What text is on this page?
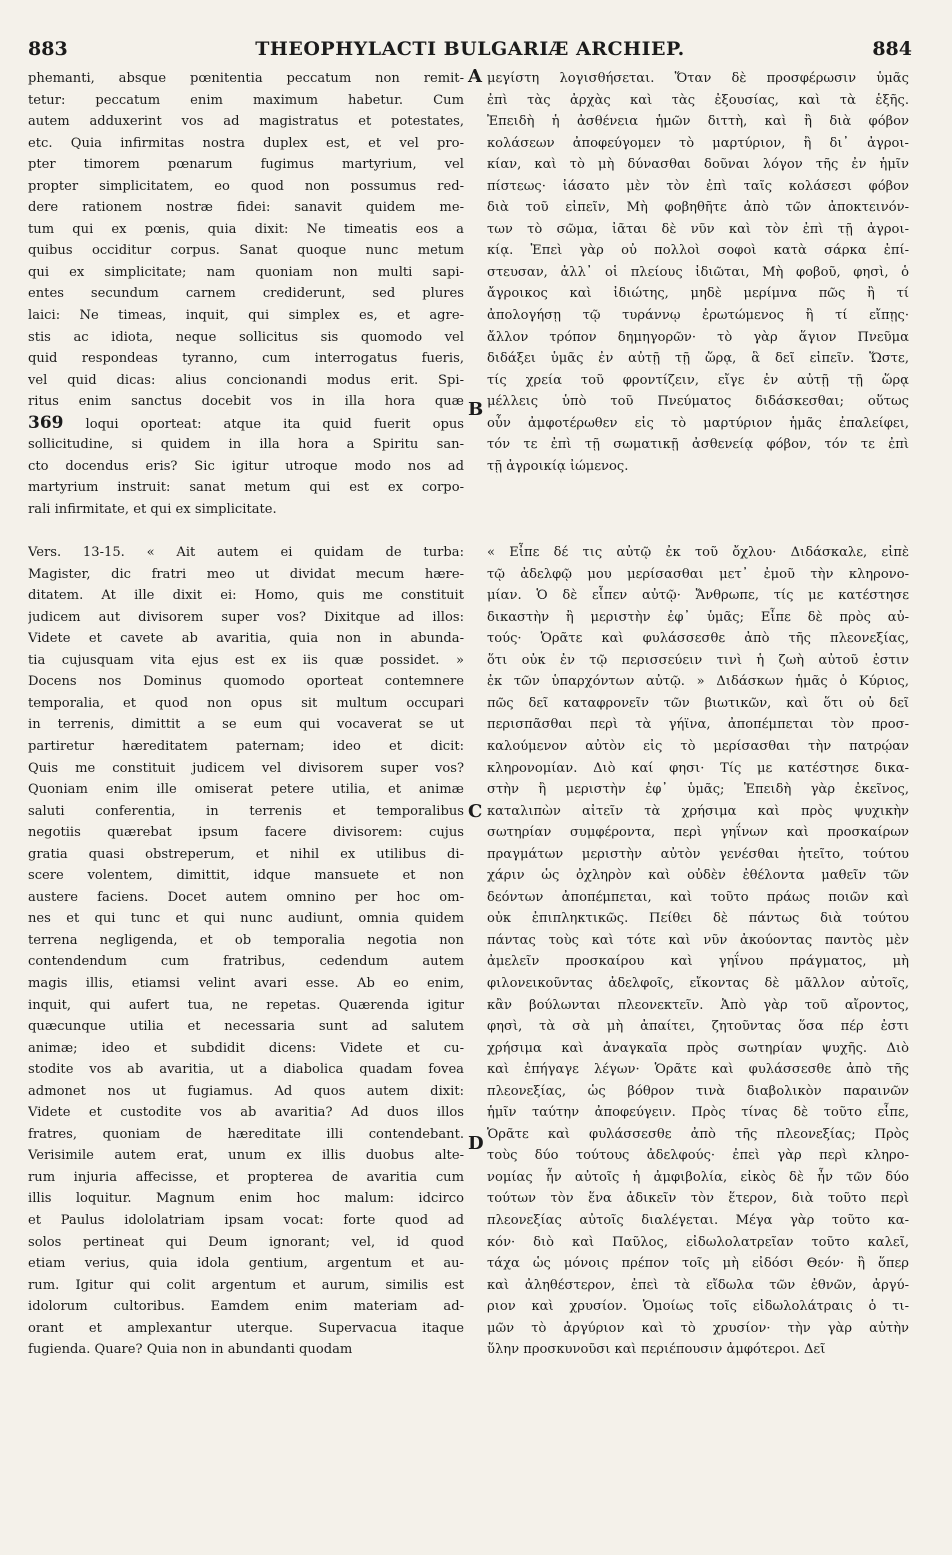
883	THEOPHYLACTI BULGARIÆ ARCHIEP.	884
phemanti, absque pœnitentia peccatum non remit-
tetur: peccatum enim maximum habetur. Cum
autem adduxerint vos ad magistratus et potestates,
etc. Quia infirmitas nostra duplex est, et vel pro-
pter timorem pœnarum fugimus martyrium, vel
propter simplicitatem, eo quod non possumus red-
dere rationem nostræ fidei: sanavit quidem me-
tum qui ex pœnis, quia dixit: Ne timeatis eos a
quibus occiditur corpus. Sanat quoque nunc metum
qui ex simplicitate; nam quoniam non multi sapi-
entes secundum carnem crediderunt, sed plures
laici: Ne timeas, inquit, qui simplex es, et agre-
stis ac idiota, neque sollicitus sis quomodo vel
quid respondeas tyranno, cum interrogatus fueris,
vel quid dicas: alius concionandi modus erit. Spi-
ritus enim sanctus docebit vos in illa hora quæ
369 loqui oporteat: atque ita quid fuerit opus
sollicitudine, si quidem in illa hora a Spiritu san-
cto docendus eris? Sic igitur utroque modo nos ad
martyrium instruit: sanat metum qui est ex corpo-
rali infirmitate, et qui ex simplicitate.
Vers. 13-15. « Ait autem ei quidam de turba:
Magister, dic fratri meo ut dividat mecum hære-
ditatem. At ille dixit ei: Homo, quis me constituit
judicem aut divisorem super vos? Dixitque ad illos:
Videte et cavete ab avaritia, quia non in abunda-
tia cujusquam vita ejus est ex iis quæ possidet. »
Docens nos Dominus quomodo oporteat contemnere
temporalia, et quod non opus sit multum occupari
in terrenis, dimittit a se eum qui vocaverat se ut
partiretur hæreditatem paternam; ideo et dicit:
Quis me constituit judicem vel divisorem super vos?
Quoniam enim ille omiserat petere utilia, et animæ
saluti conferentia, in terrenis et temporalibus
negotiis quærebat ipsum facere divisorem: cujus
gratia quasi obstreperum, et nihil ex utilibus di-
scere volentem, dimittit, idque mansuete et non
austere faciens. Docet autem omnino per hoc om-
nes et qui tunc et qui nunc audiunt, omnia quidem
terrena negligenda, et ob temporalia negotia non
contendendum cum fratribus, cedendum autem
magis illis, etiamsi velint avari esse. Ab eo enim,
inquit, qui aufert tua, ne repetas. Quærenda igitur
quæcunque utilia et necessaria sunt ad salutem
animæ; ideo et subdidit dicens: Videte et cu-
stodite vos ab avaritia, ut a diabolica quadam fovea
admonet nos ut fugiamus. Ad quos autem dixit:
Videte et custodite vos ab avaritia? Ad duos illos
fratres, quoniam de hæreditate illi contendebant.
Verisimile autem erat, unum ex illis duobus alte-
rum injuria affecisse, et propterea de avaritia cum
illis loquitur. Magnum enim hoc malum: idcirco
et Paulus idololatriam ipsam vocat: forte quod ad
solos pertineat qui Deum ignorant; vel, id quod
etiam verius, quia idola gentium, argentum et au-
rum. Igitur qui colit argentum et aurum, similis est
idolorum cultoribus. Eamdem enim materiam ad-
orant et amplexantur uterque. Supervacua itaque
fugienda. Quare? Quia non in abundanti quodam
μεγίστη λογισθήσεται. Ὅταν δὲ προσφέρωσιν ὑμᾶς
ἐπὶ τὰς ἀρχὰς καὶ τὰς ἐξουσίας, καὶ τὰ ἑξῆς.
Ἐπειδὴ ἡ ἀσθένεια ἡμῶν διττὴ, καὶ ἢ διὰ φόβον
κολάσεων ἀποφεύγομεν τὸ μαρτύριον, ἢ δι᾽ ἀγροι-
κίαν, καὶ τὸ μὴ δύνασθαι δοῦναι λόγον τῆς ἐν ἡμῖν
πίστεως· ἰάσατο μὲν τὸν ἐπὶ ταῖς κολάσεσι φόβον
διὰ τοῦ εἰπεῖν, Μὴ φοβηθῆτε ἀπὸ τῶν ἀποκτεινόν-
των τὸ σῶμα, ἰᾶται δὲ νῦν καὶ τὸν ἐπὶ τῇ ἀγροι-
κίᾳ. Ἐπεὶ γὰρ οὐ πολλοὶ σοφοὶ κατὰ σάρκα ἐπί-
στευσαν, ἀλλ᾽ οἱ πλείους ἰδιῶται, Μὴ φοβοῦ, φησὶ, ὁ
ἄγροικος καὶ ἰδιώτης, μηδὲ μερίμνα πῶς ἢ τί
ἀπολογήσῃ τῷ τυράννῳ ἐρωτώμενος ἢ τί εἴπῃς·
ἄλλον τρόπον δημηγορῶν· τὸ γὰρ ἅγιον Πνεῦμα
διδάξει ὑμᾶς ἐν αὐτῇ τῇ ὥρᾳ, ἃ δεῖ εἰπεῖν. Ὥστε,
τίς χρεία τοῦ φροντίζειν, εἴγε ἐν αὐτῇ τῇ ὥρᾳ
μέλλεις ὑπὸ τοῦ Πνεύματος διδάσκεσθαι; οὕτως
οὖν ἀμφοτέρωθεν εἰς τὸ μαρτύριον ἡμᾶς ἐπαλείφει,
τόν τε ἐπὶ τῇ σωματικῇ ἀσθενείᾳ φόβον, τόν τε ἐπὶ
τῇ ἀγροικίᾳ ἰώμενος.
« Εἶπε δέ τις αὐτῷ ἐκ τοῦ ὄχλου· Διδάσκαλε, εἰπὲ
τῷ ἀδελφῷ μου μερίσασθαι μετ᾽ ἐμοῦ τὴν κληρονο-
μίαν. Ὁ δὲ εἶπεν αὐτῷ· Ἄνθρωπε, τίς με κατέστησε
δικαστὴν ἢ μεριστὴν ἐφ᾽ ὑμᾶς; Εἶπε δὲ πρὸς αὐ-
τούς· Ὁρᾶτε καὶ φυλάσσεσθε ἀπὸ τῆς πλεονεξίας,
ὅτι οὐκ ἐν τῷ περισσεύειν τινὶ ἡ ζωὴ αὐτοῦ ἐστιν
ἐκ τῶν ὑπαρχόντων αὐτῷ. » Διδάσκων ἡμᾶς ὁ Κύριος,
πῶς δεῖ καταφρονεῖν τῶν βιωτικῶν, καὶ ὅτι οὐ δεῖ
περισπᾶσθαι περὶ τὰ γήϊνα, ἀποπέμπεται τὸν προσ-
καλούμενον αὐτὸν εἰς τὸ μερίσασθαι τὴν πατρῴαν
κληρονομίαν. Διὸ καί φησι· Τίς με κατέστησε δικα-
στὴν ἢ μεριστὴν ἐφ᾽ ὑμᾶς; Ἐπειδὴ γὰρ ἐκεῖνος,
καταλιπὼν αἰτεῖν τὰ χρήσιμα καὶ πρὸς ψυχικὴν
σωτηρίαν συμφέροντα, περὶ γηΐνων καὶ προσκαίρων
πραγμάτων μεριστὴν αὐτὸν γενέσθαι ἠτεῖτο, τούτου
χάριν ὡς ὀχληρὸν καὶ οὐδὲν ἐθέλοντα μαθεῖν τῶν
δεόντων ἀποπέμπεται, καὶ τοῦτο πράως ποιῶν καὶ
οὐκ ἐπιπληκτικῶς. Πείθει δὲ πάντως διὰ τούτου
πάντας τοὺς καὶ τότε καὶ νῦν ἀκούοντας παντὸς μὲν
ἀμελεῖν προσκαίρου καὶ γηΐνου πράγματος, μὴ
φιλονεικοῦντας ἀδελφοῖς, εἴκοντας δὲ μᾶλλον αὐτοῖς,
κἂν βούλωνται πλεονεκτεῖν. Ἀπὸ γὰρ τοῦ αἴροντος,
φησὶ, τὰ σὰ μὴ ἀπαίτει, ζητοῦντας ὅσα πέρ ἐστι
χρήσιμα καὶ ἀναγκαῖα πρὸς σωτηρίαν ψυχῆς. Διὸ
καὶ ἐπήγαγε λέγων· Ὁρᾶτε καὶ φυλάσσεσθε ἀπὸ τῆς
πλεονεξίας, ὡς βόθρον τινὰ διαβολικὸν παραινῶν
ἡμῖν ταύτην ἀποφεύγειν. Πρὸς τίνας δὲ τοῦτο εἶπε,
Ὁρᾶτε καὶ φυλάσσεσθε ἀπὸ τῆς πλεονεξίας; Πρὸς
τοὺς δύο τούτους ἀδελφούς· ἐπεὶ γὰρ περὶ κληρο-
νομίας ἦν αὐτοῖς ἡ ἀμφιβολία, εἰκὸς δὲ ἦν τῶν δύο
τούτων τὸν ἕνα ἀδικεῖν τὸν ἕτερον, διὰ τοῦτο περὶ
πλεονεξίας αὐτοῖς διαλέγεται. Μέγα γὰρ τοῦτο κα-
κόν· διὸ καὶ Παῦλος, εἰδωλολατρεῖαν τοῦτο καλεῖ,
τάχα ὡς μόνοις πρέπον τοῖς μὴ εἰδόσι Θεόν· ἢ ὅπερ
καὶ ἀληθέστερον, ἐπεὶ τὰ εἴδωλα τῶν ἐθνῶν, ἀργύ-
ριον καὶ χρυσίον. Ὁμοίως τοῖς εἰδωλολάτραις ὁ τι-
μῶν τὸ ἀργύριον καὶ τὸ χρυσίον· τὴν γὰρ αὐτὴν
ὕλην προσκυνοῦσι καὶ περιέπουσιν ἀμφότεροι. Δεῖ
A
B
C
D
